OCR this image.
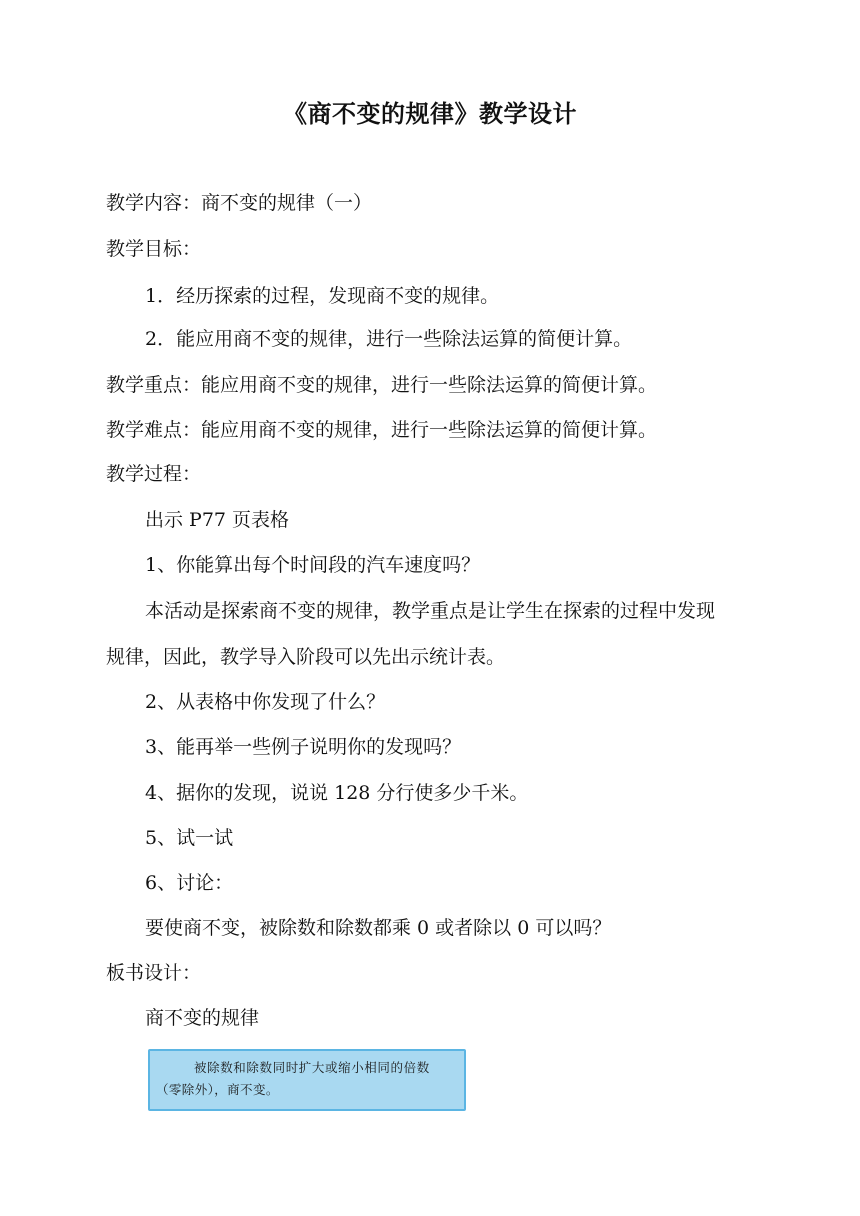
《商不变的规律》教学设计
教学内容：商不变的规律（一）
教学目标：
1．经历探索的过程，发现商不变的规律。
2．能应用商不变的规律，进行一些除法运算的简便计算。
教学重点：能应用商不变的规律，进行一些除法运算的简便计算。
教学难点：能应用商不变的规律，进行一些除法运算的简便计算。
教学过程：
出示 P77 页表格
1、你能算出每个时间段的汽车速度吗？
本活动是探索商不变的规律，教学重点是让学生在探索的过程中发现
规律，因此，教学导入阶段可以先出示统计表。
2、从表格中你发现了什么？
3、能再举一些例子说明你的发现吗？
4、据你的发现，说说 128 分行使多少千米。
5、试一试
6、讨论：
要使商不变，被除数和除数都乘 0 或者除以 0 可以吗？
板书设计：
商不变的规律
被除数和除数同时扩大或缩小相同的倍数
（零除外），商不变。
